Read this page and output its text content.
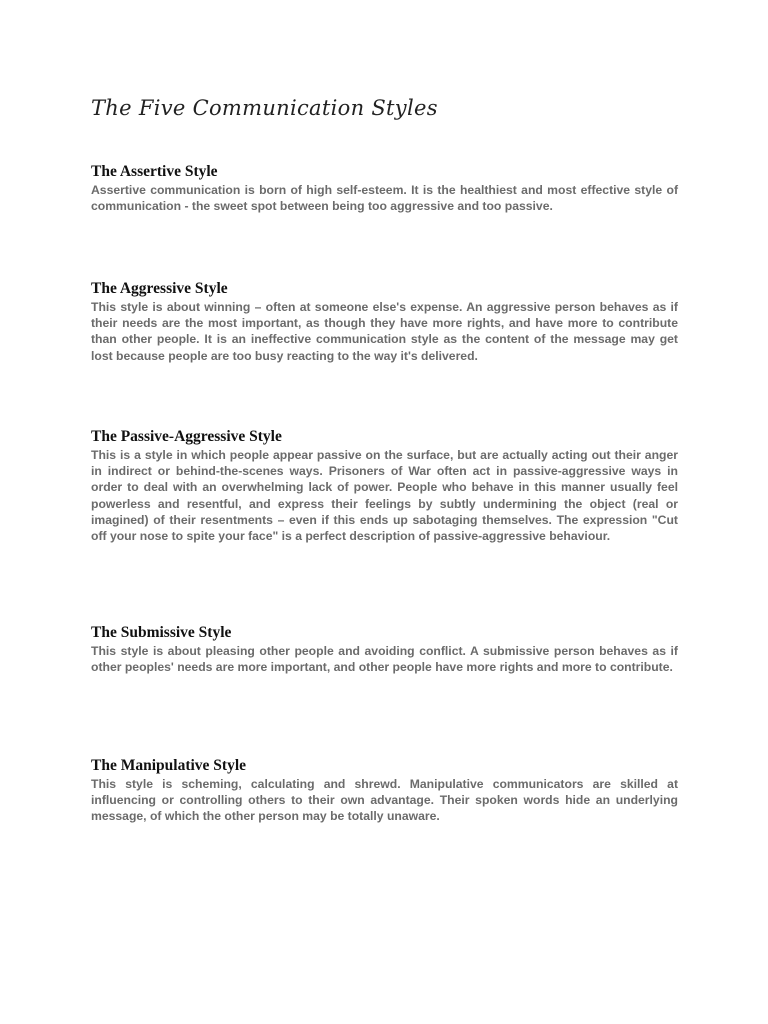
The Five Communication Styles
The Assertive Style

Assertive communication is born of high self-esteem. It is the healthiest and most effective style of communication - the sweet spot between being too aggressive and too passive.

The Aggressive Style

This style is about winning – often at someone else's expense. An aggressive person behaves as if their needs are the most important, as though they have more rights, and have more to contribute than other people. It is an ineffective communication style as the content of the message may get lost because people are too busy reacting to the way it's delivered.

The Passive-Aggressive Style

This is a style in which people appear passive on the surface, but are actually acting out their anger in indirect or behind-the-scenes ways. Prisoners of War often act in passive-aggressive ways in order to deal with an overwhelming lack of power. People who behave in this manner usually feel powerless and resentful, and express their feelings by subtly undermining the object (real or imagined) of their resentments – even if this ends up sabotaging themselves. The expression "Cut off your nose to spite your face" is a perfect description of passive-aggressive behaviour.

The Submissive Style

This style is about pleasing other people and avoiding conflict. A submissive person behaves as if other peoples' needs are more important, and other people have more rights and more to contribute.

The Manipulative Style

This style is scheming, calculating and shrewd. Manipulative communicators are skilled at influencing or controlling others to their own advantage. Their spoken words hide an underlying message, of which the other person may be totally unaware.
